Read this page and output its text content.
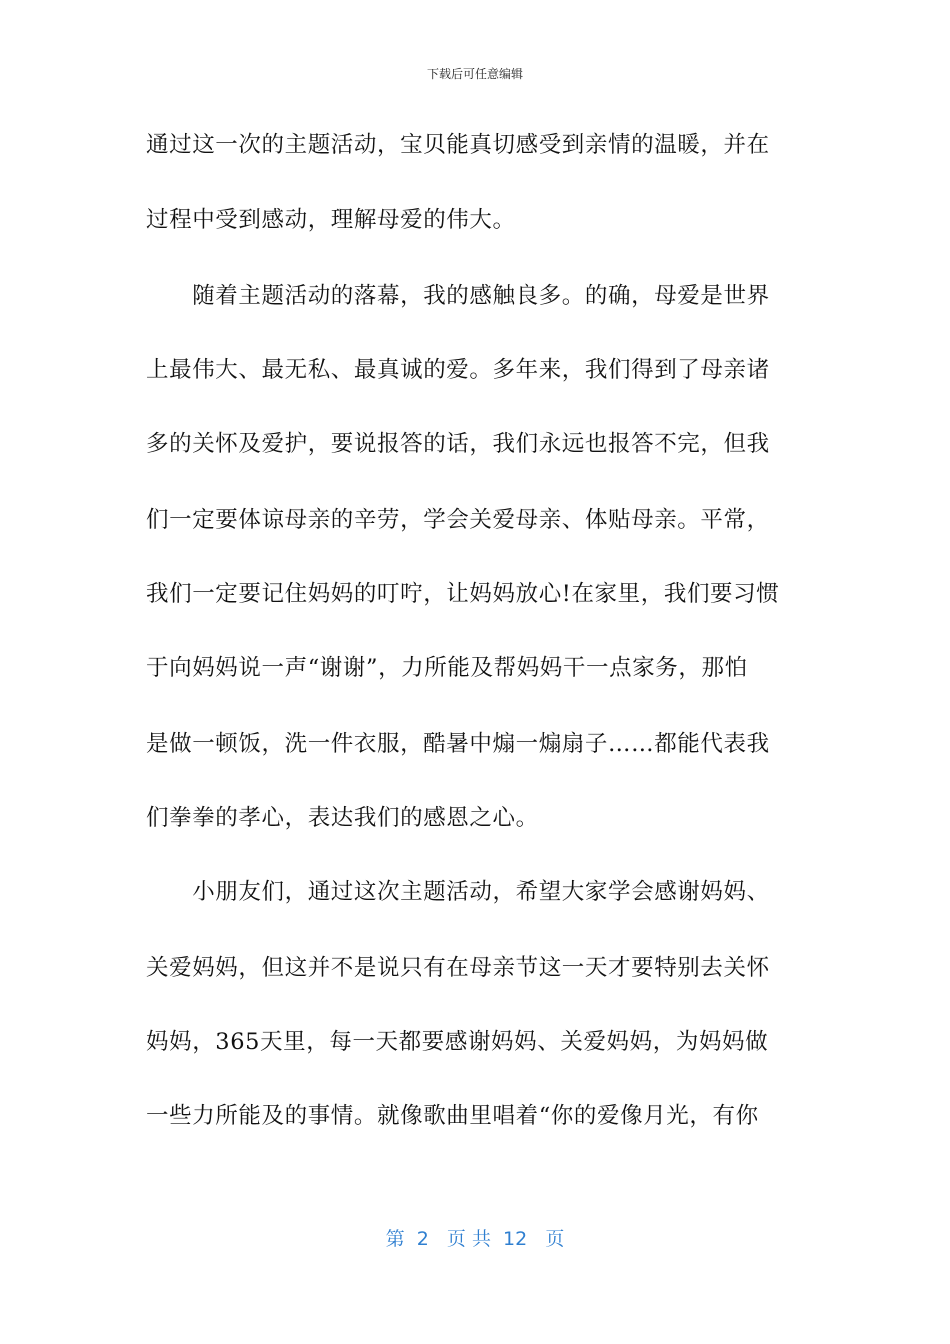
下载后可任意编辑
通过这一次的主题活动，宝贝能真切感受到亲情的温暖，并在
过程中受到感动，理解母爱的伟大。
　　随着主题活动的落幕，我的感触良多。的确，母爱是世界
上最伟大、最无私、最真诚的爱。多年来，我们得到了母亲诸
多的关怀及爱护，要说报答的话，我们永远也报答不完，但我
们一定要体谅母亲的辛劳，学会关爱母亲、体贴母亲。平常，
我们一定要记住妈妈的叮咛，让妈妈放心!在家里，我们要习惯
于向妈妈说一声“谢谢”，力所能及帮妈妈干一点家务，那怕
是做一顿饭，洗一件衣服，酷暑中煽一煽扇子……都能代表我
们拳拳的孝心，表达我们的感恩之心。
　　小朋友们，通过这次主题活动，希望大家学会感谢妈妈、
关爱妈妈，但这并不是说只有在母亲节这一天才要特别去关怀
妈妈，365天里，每一天都要感谢妈妈、关爱妈妈，为妈妈做
一些力所能及的事情。就像歌曲里唱着“你的爱像月光，有你
第  2   页 共  12   页
